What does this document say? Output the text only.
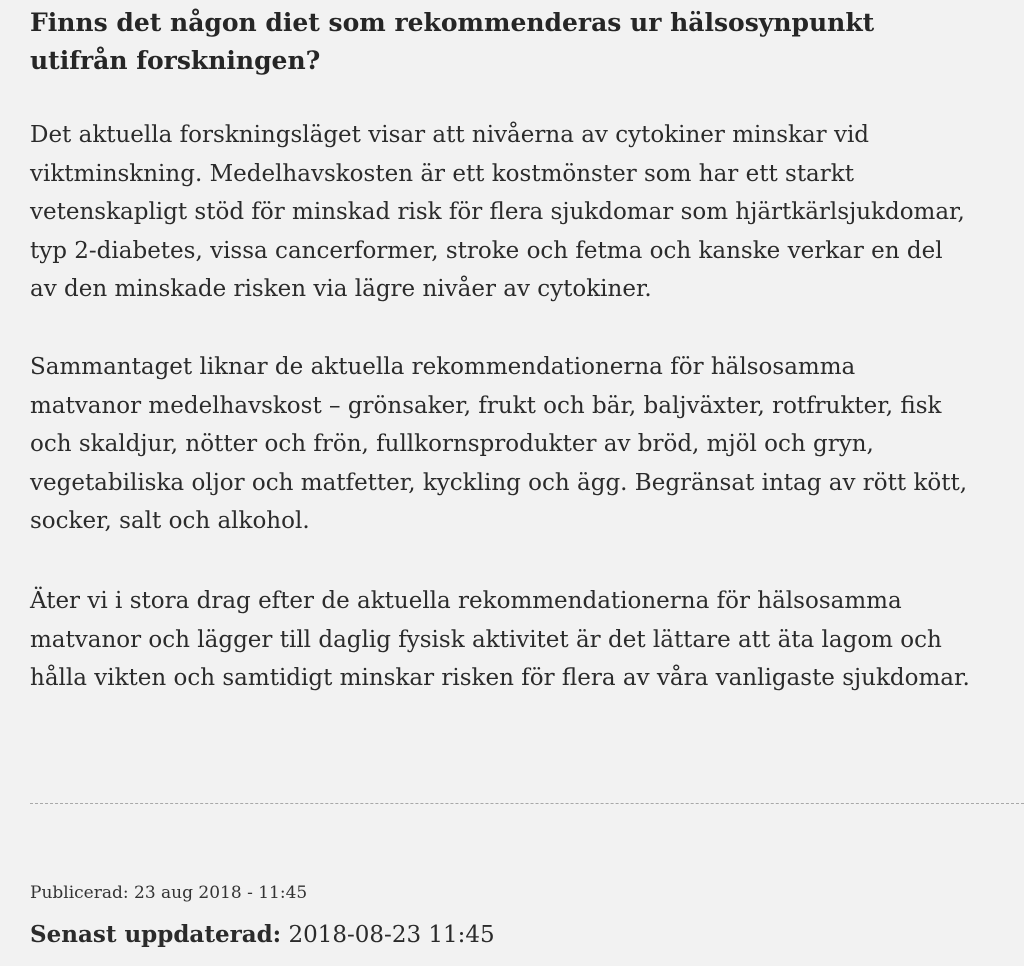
Finns det någon diet som rekommenderas ur hälsosynpunkt utifrån forskningen?

Det aktuella forskningsläget visar att nivåerna av cytokiner minskar vid viktminskning. Medelhavskosten är ett kostmönster som har ett starkt vetenskapligt stöd för minskad risk för flera sjukdomar som hjärtkärlsjukdomar, typ 2-diabetes, vissa cancerformer, stroke och fetma och kanske verkar en del av den minskade risken via lägre nivåer av cytokiner.

Sammantaget liknar de aktuella rekommendationerna för hälsosamma matvanor medelhavskost – grönsaker, frukt och bär, baljväxter, rotfrukter, fisk och skaldjur, nötter och frön, fullkornsprodukter av bröd, mjöl och gryn, vegetabiliska oljor och matfetter, kyckling och ägg. Begränsat intag av rött kött, socker, salt och alkohol.

Äter vi i stora drag efter de aktuella rekommendationerna för hälsosamma matvanor och lägger till daglig fysisk aktivitet är det lättare att äta lagom och hålla vikten och samtidigt minskar risken för flera av våra vanligaste sjukdomar.

Publicerad: 23 aug 2018 - 11:45
Senast uppdaterad: 2018-08-23 11:45
